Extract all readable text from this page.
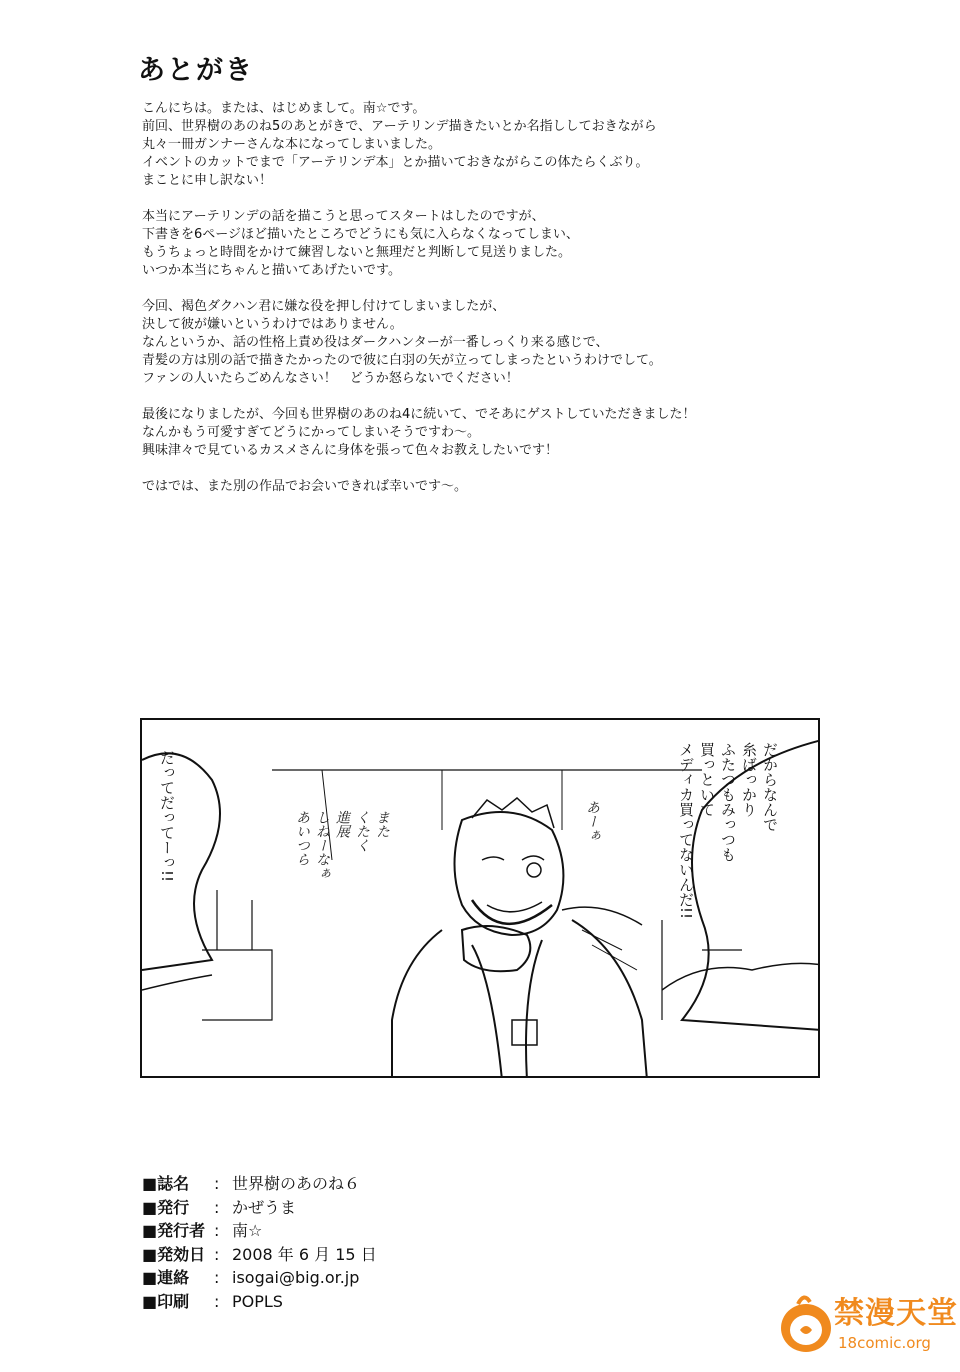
あとがき
こんにちは。または、はじめまして。南☆です。
前回、世界樹のあのね5のあとがきで、アーテリンデ描きたいとか名指ししておきながら
丸々一冊ガンナーさんな本になってしまいました。
イベントのカットでまで「アーテリンデ本」とか描いておきながらこの体たらくぶり。
まことに申し訳ない！
本当にアーテリンデの話を描こうと思ってスタートはしたのですが、
下書きを6ページほど描いたところでどうにも気に入らなくなってしまい、
もうちょっと時間をかけて練習しないと無理だと判断して見送りました。
いつか本当にちゃんと描いてあげたいです。
今回、褐色ダクハン君に嫌な役を押し付けてしまいましたが、
決して彼が嫌いというわけではありません。
なんというか、話の性格上責め役はダークハンターが一番しっくり来る感じで、
青髪の方は別の話で描きたかったので彼に白羽の矢が立ってしまったというわけでして。
ファンの人いたらごめんなさい！　どうか怒らないでください！
最後になりましたが、今回も世界樹のあのね4に続いて、でそあにゲストしていただきました！
なんかもう可愛すぎてどうにかってしまいそうですわ〜。
興味津々で見ているカスメさんに身体を張って色々お教えしたいです！
ではでは、また別の作品でお会いできれば幸いです〜。
だからなんで
糸ばっかり
ふたつもみっつも
買っといて
メディカ買ってないんだ!!
だってだってーっ!!	あーぁ
また
くたく
進展
しねーなぁ
あいつら
■誌名	: 世界樹のあのね６
■発行	: かぜうま
■発行者 : 南☆
■発効日 : 2008 年 6 月 15 日
■連絡	: isogai@big.or.jp
■印刷	: POPLS	禁漫天堂
18comic.org
